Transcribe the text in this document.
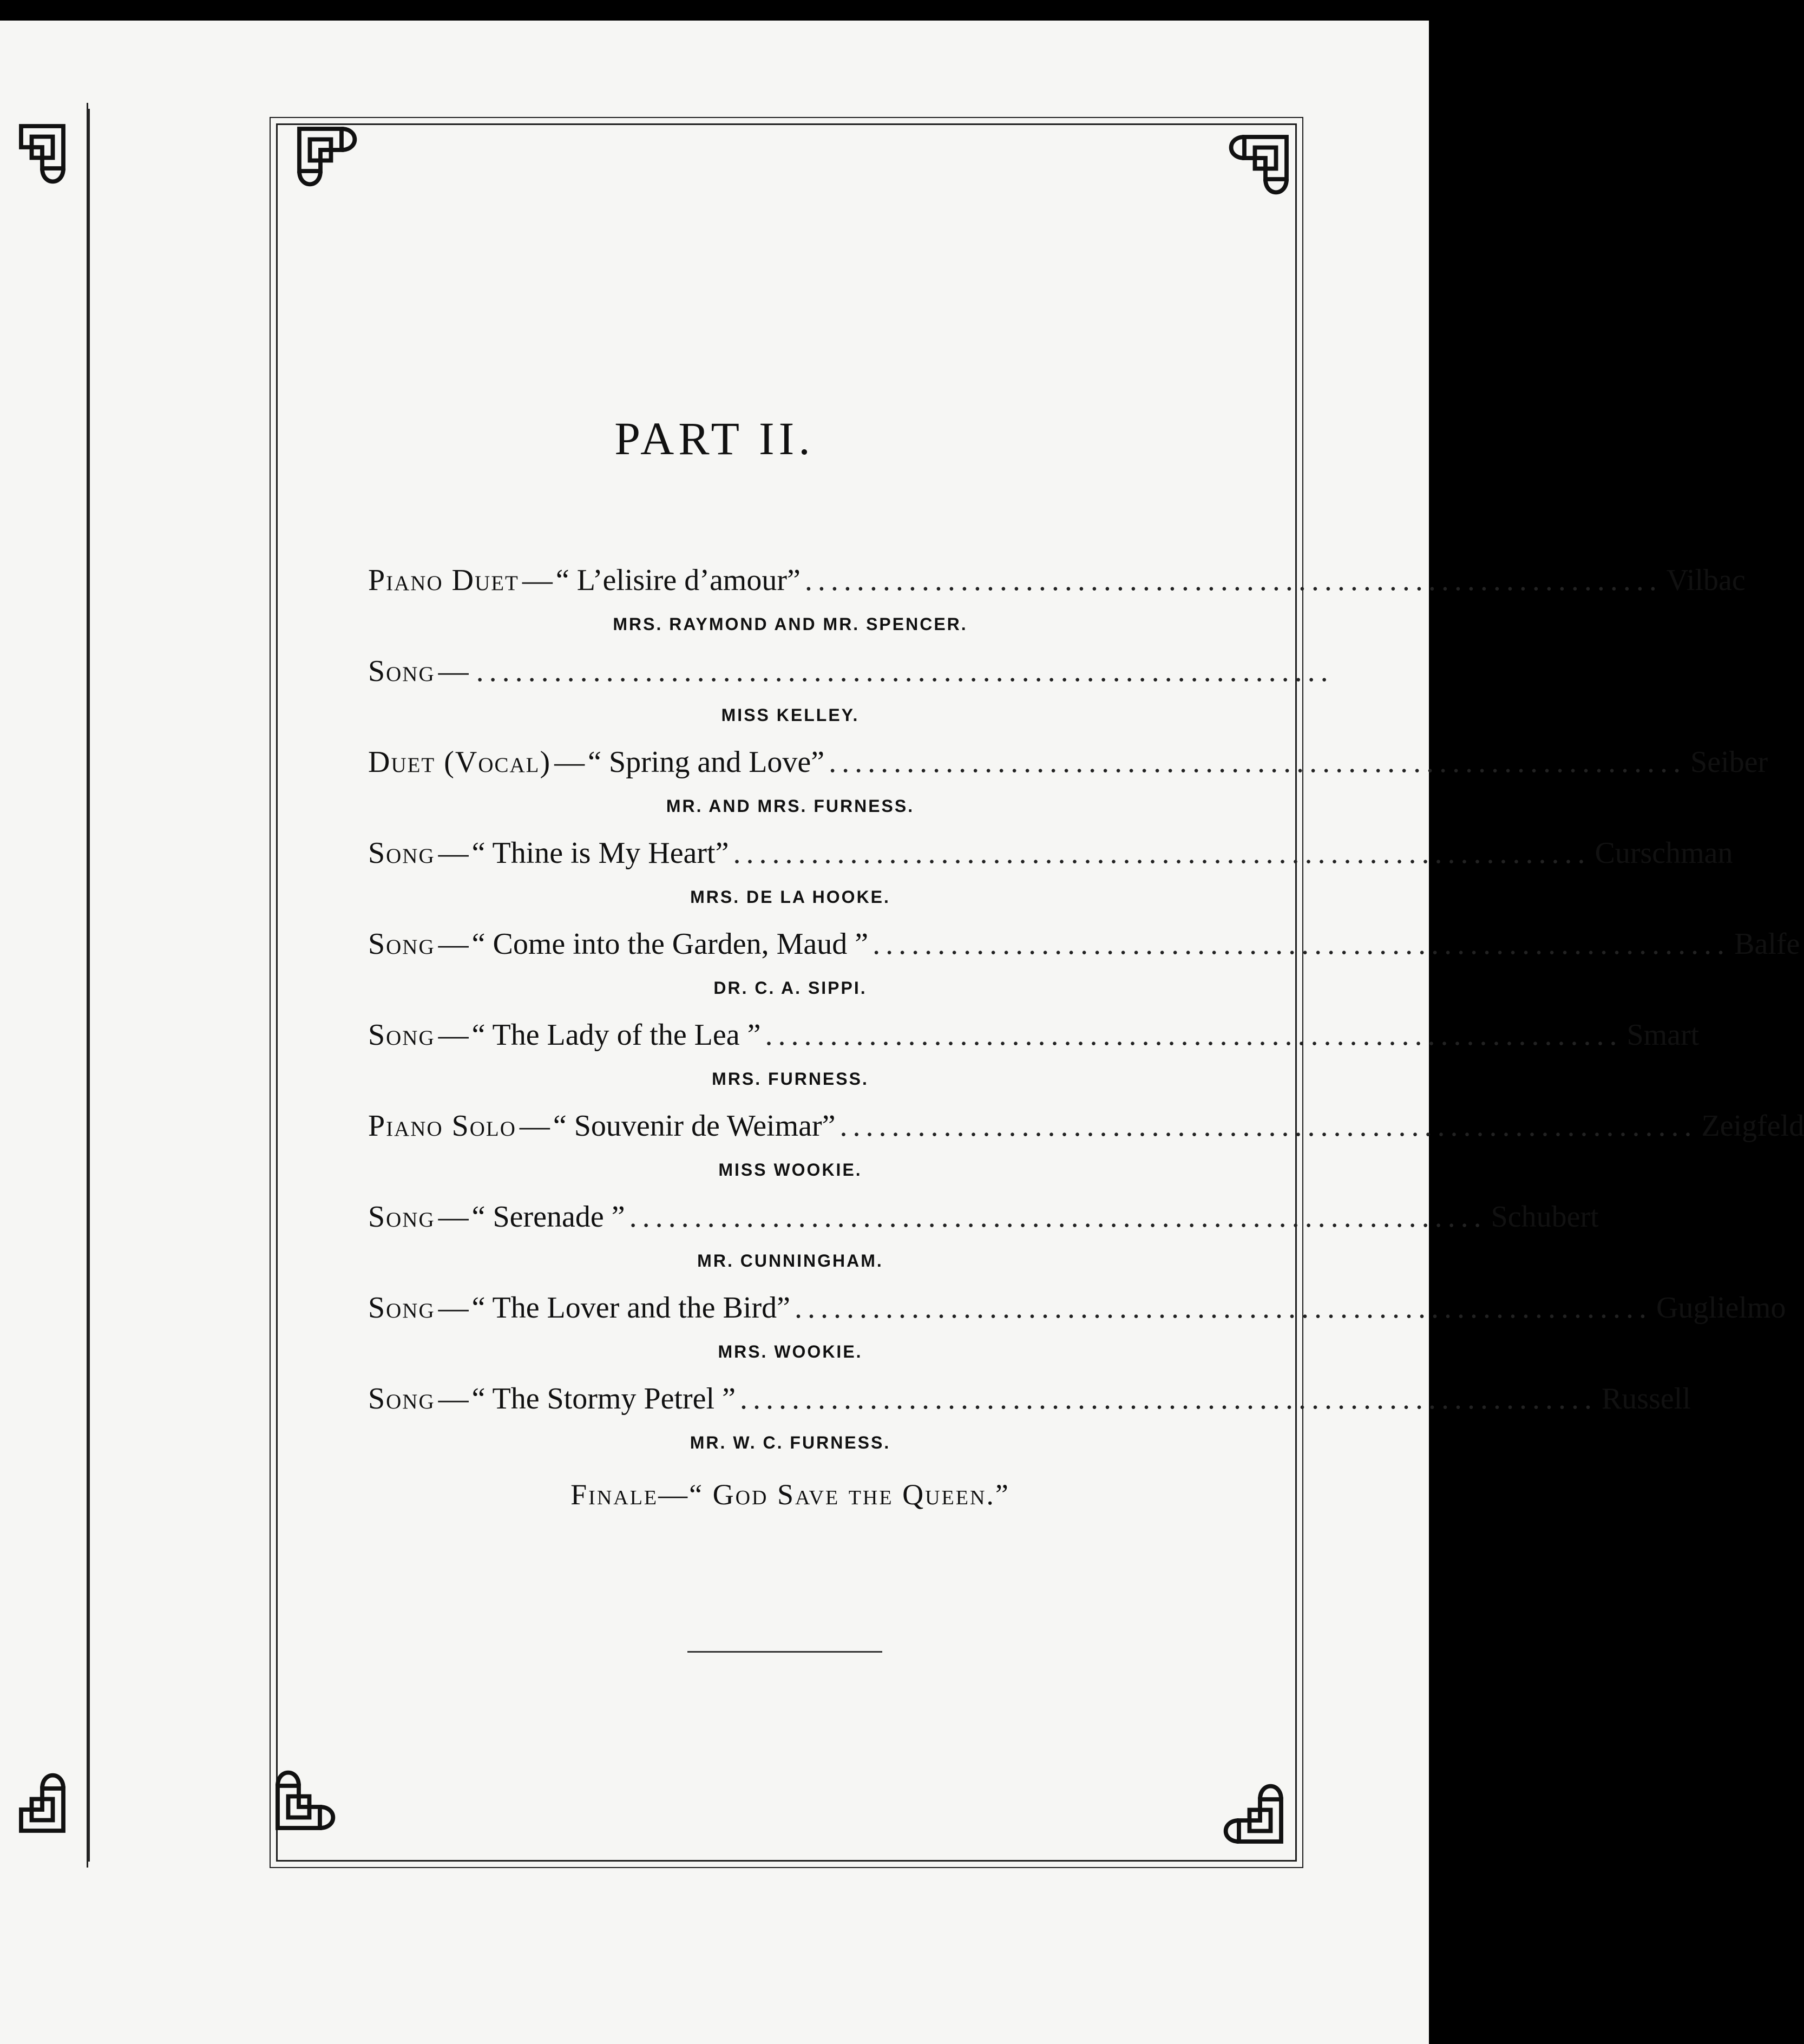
PART II.
Piano Duet — “ L’elisire d’amour” .................................................................. Vilbac
MRS. RAYMOND AND MR. SPENCER.
Song — ..................................................................
MISS KELLEY.
Duet (Vocal) — “ Spring and Love” .................................................................. Seiber
MR. AND MRS. FURNESS.
Song — “ Thine is My Heart” .................................................................. Curschman
MRS. DE LA HOOKE.
Song — “ Come into the Garden, Maud ” .................................................................. Balfe
DR. C. A. SIPPI.
Song — “ The Lady of the Lea ” .................................................................. Smart
MRS. FURNESS.
Piano Solo — “ Souvenir de Weimar” .................................................................. Zeigfeld
MISS WOOKIE.
Song — “ Serenade ” .................................................................. Schubert
MR. CUNNINGHAM.
Song — “ The Lover and the Bird” .................................................................. Guglielmo
MRS. WOOKIE.
Song — “ The Stormy Petrel ” .................................................................. Russell
MR. W. C. FURNESS.
Finale—“ God Save the Queen.”
